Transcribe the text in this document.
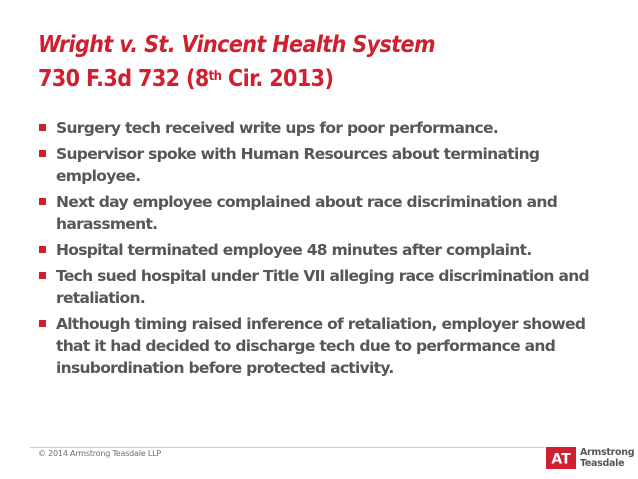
Wright v. St. Vincent Health System
730 F.3d 732 (8th Cir. 2013)
Surgery tech received write ups for poor performance.
Supervisor spoke with Human Resources about terminating employee.
Next day employee complained about race discrimination and harassment.
Hospital terminated employee 48 minutes after complaint.
Tech sued hospital under Title VII alleging race discrimination and retaliation.
Although timing raised inference of retaliation, employer showed that it had decided to discharge tech due to performance and insubordination before protected activity.
© 2014 Armstrong Teasdale LLP	AT Armstrong
Teasdale
